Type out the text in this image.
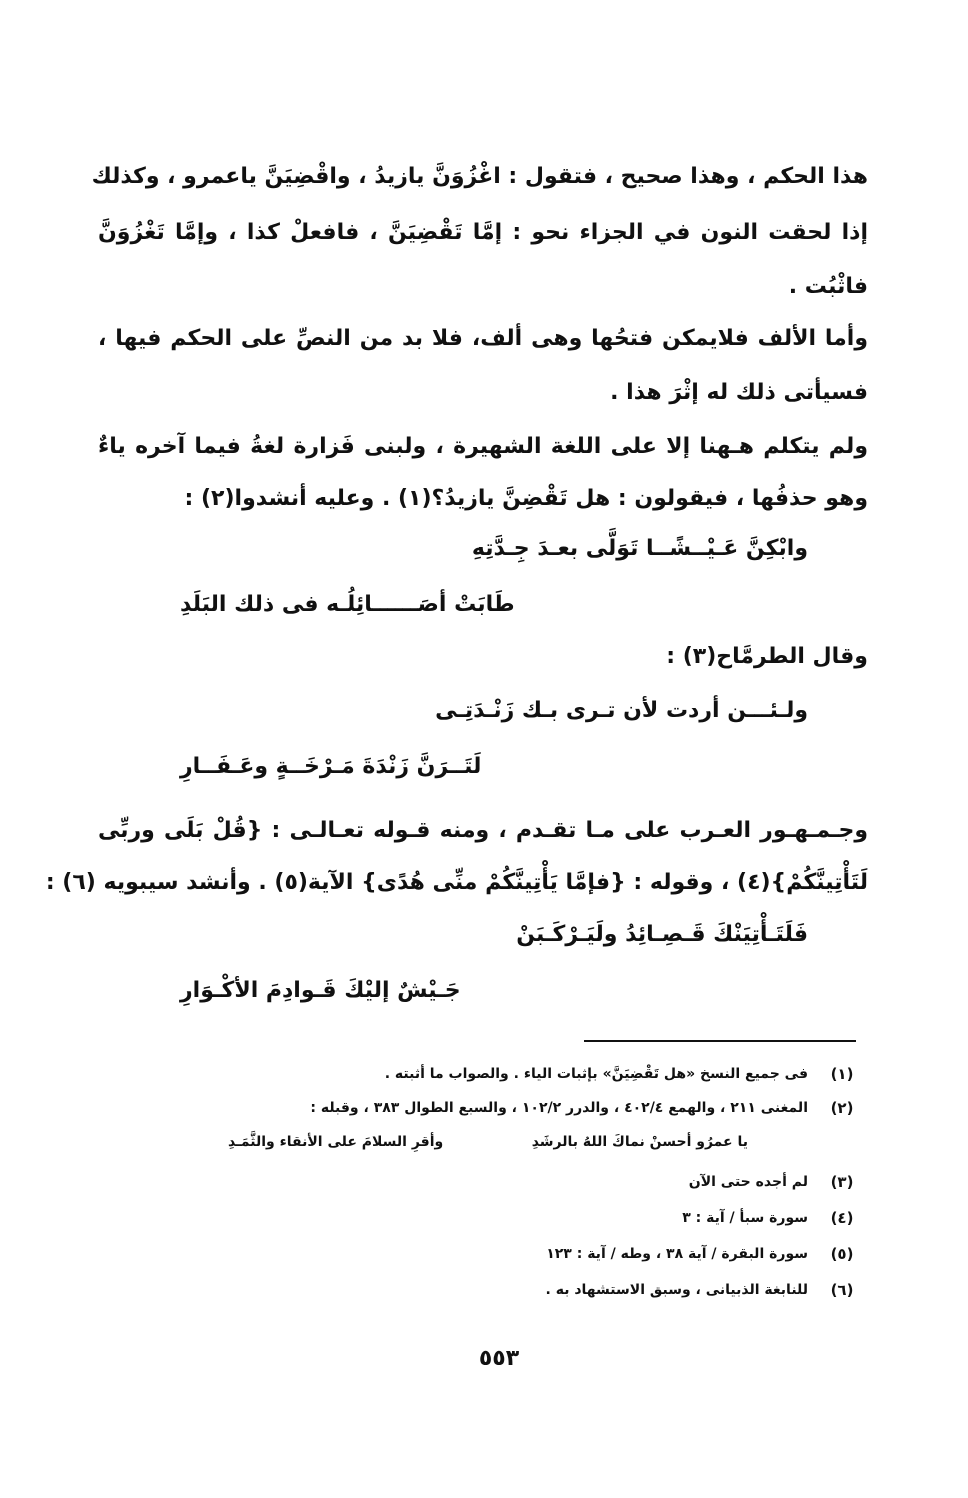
هذا الحكم ، وهذا صحيح ، فتقول : اغْزُوَنَّ يازيدُ ، واقْضِيَنَّ ياعمرو ، وكذلك
إذا لحقت النون في الجزاء نحو : إمَّا تَقْضِيَنَّ ، فافعلْ كذا ، وإمَّا تَغْزُوَنَّ
فاثْبُت .
وأما الألف فلايمكن فتحُها وهى ألف، فلا بد من النصِّ على الحكم فيها ،
فسيأتى ذلك له إثْرَ هذا .
ولم يتكلم هـهنا إلا على اللغة الشهيرة ، ولبنى فَزارة لغةُ فيما آخره ياءٌ
وهو حذفُها ، فيقولون : هل تَقْضِنَّ يازيدُ؟(١) . وعليه أنشدوا(٢) :
وابْكِنَّ عَـيْــشًــا تَوَلَّى بعـدَ جِـدَّتِهِ
طَابَتْ أصَــــــائِلُـه فى ذلك البَلَدِ
وقال الطرمَّاح(٣) :
ولـئـــن أردت لأن تـرى بـك زَنْـدَتِـى
لَتَــرَنَّ زَنْدَةَ مَـرْخَــةٍ وعَـفَــارِ
وجـمـهـور العـرب على مـا تقـدم ، ومنه قـوله تعـالـى : {قُلْ بَلَى وربِّى
لَتَأْتِينَّكُمْ}(٤) ، وقوله : {فإمَّا يَأْتِينَّكُمْ منِّى هُدًى} الآية(٥) . وأنشد سيبويه (٦) :
فَلَتَـأْتِيَنْكَ قَـصِـائِدُ ولَيَـرْكَـبَنْ
جَـيْشٌ إليْكَ قَـوادِمَ الأكْـوَارِ
(١)
فى جميع النسخ «هل تَقْضِيَنَّ» بإثبات الياء . والصواب ما أثبته .
(٢)
المغنى ٢١١ ، والهمع ٤٠٢/٤ ، والدرر ١٠٢/٢ ، والسبع الطوال ٣٨٣ ، وقبله :
يا عمرُو أحسنْ نماكَ اللهُ بالرشَدِ
وأقرِ السلامَ على الأنقاء والثَّمَـدِ
(٣)
لم أجده حتى الآن
(٤)
سورة سبأ / آية : ٣
(٥)
سورة البقرة / آية ٣٨ ، وطه / آية : ١٢٣
(٦)
للنابغة الذبيانى ، وسبق الاستشهاد به .
٥٥٣
